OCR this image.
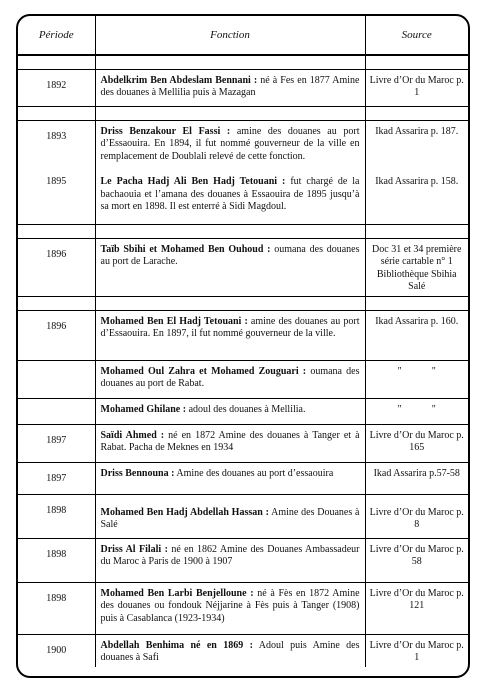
Période	Fonction	Source

1892	Abdelkrim Ben Abdeslam Bennani : né à Fes en 1877 Amine des douanes à Mellilia puis à Mazagan	Livre d’Or du Maroc p. 1

1893	Driss Benzakour El Fassi : amine des douanes au port d’Essaouira. En 1894, il fut nommé gouverneur de la ville en remplacement de Doublali relevé de cette fonction.	Ikad Assarira p. 187.
1895	Le Pacha Hadj Ali Ben Hadj Tetouani : fut chargé de la bachaouia et l’amana des douanes à Essaouira de 1895 jusqu’à sa mort en 1898. Il est enterré à Sidi Magdoul.	Ikad Assarira p. 158.

1896	Taïb Sbihi et Mohamed Ben Ouhoud : oumana des douanes au port de Larache.	Doc 31 et 34 première série cartable n° 1 Bibliothèque Sbihia Salé

1896	Mohamed Ben El Hadj Tetouani : amine des douanes au port d’Essaouira. En 1897, il fut nommé gouverneur de la ville.	Ikad Assarira p. 160.
	Mohamed Oul Zahra et Mohamed Zouguari : oumana des douanes au port de Rabat.	"            "
	Mohamed Ghilane : adoul des douanes à Mellilia.	"            "
1897	Saïdi Ahmed : né en 1872 Amine des douanes à Tanger et à Rabat. Pacha de Meknes en 1934	Livre d’Or du Maroc p. 165
1897	Driss Bennouna : Amine des douanes au port d’essaouira	Ikad Assarira p.57-58
1898	Mohamed Ben Hadj Abdellah Hassan : Amine des Douanes à Salé	Livre d’Or du Maroc p. 8
1898	Driss Al Filali : né en 1862 Amine des Douanes Ambassadeur du Maroc à Paris de 1900 à 1907	Livre d’Or du Maroc p. 58
1898	Mohamed Ben Larbi Benjelloune : né à Fès en 1872 Amine des douanes ou fondouk Néjjarine à Fès puis à Tanger (1908) puis à Casablanca (1923-1934)	Livre d’Or du Maroc p. 121
1900	Abdellah Benhima né en 1869 : Adoul puis Amine des douanes à Safi	Livre d’Or du Maroc p. 1
